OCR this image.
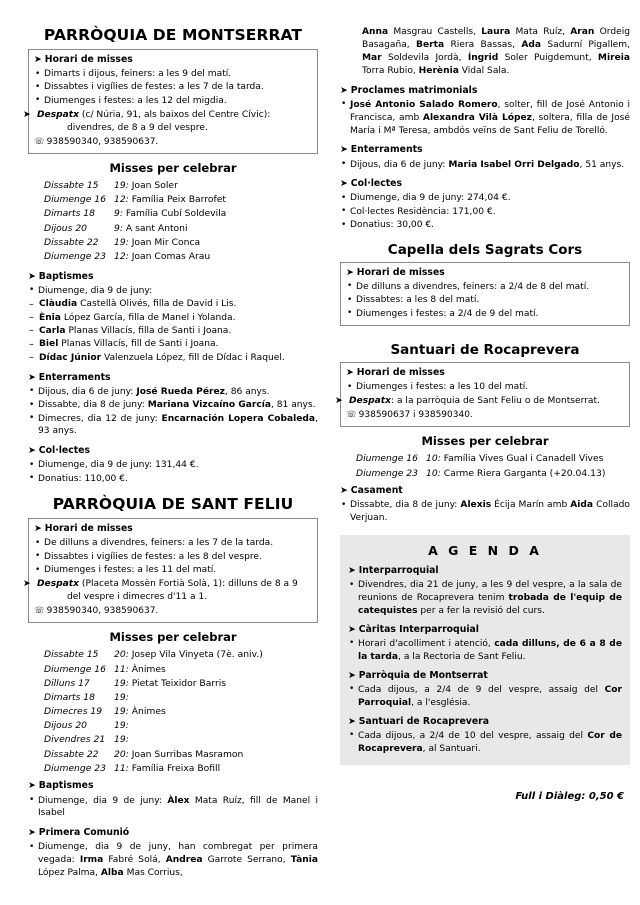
PARRÒQUIA DE MONTSERRAT
➤ Horari de misses
• Dimarts i dijous, feiners: a les 9 del matí.
• Dissabtes i vigílies de festes: a les 7 de la tarda.
• Diumenges i festes: a les 12 del migdia.
➤ Despatx (c/ Núria, 91, als baixos del Centre Cívic):
divendres, de 8 a 9 del vespre.
☏ 938590340, 938590637.
Misses per celebrar
Dissabte 15	19: Joan Soler
Diumenge 16	12: Família Peix Barrofet
Dimarts 18	9: Família Cubí Soldevila
Dijous 20	9: A sant Antoni
Dissabte 22	19: Joan Mir Conca
Diumenge 23	12: Joan Comas Arau
➤ Baptismes
• Diumenge, dia 9 de juny:
– Clàudia Castellà Olivés, filla de David i Lis.
– Ènia López García, filla de Manel i Yolanda.
– Carla Planas Villacís, filla de Santi i Joana.
– Biel Planas Villacís, fill de Santi i Joana.
– Dídac Júnior Valenzuela López, fill de Dídac i Raquel.
➤ Enterraments
• Dijous, dia 6 de juny: José Rueda Pérez, 86 anys.
• Dissabte, dia 8 de juny: Mariana Vizcaíno García, 81 anys.
• Dimecres, dia 12 de juny: Encarnación Lopera Cobaleda, 93 anys.
➤ Col·lectes
• Diumenge, dia 9 de juny: 131,44 €.
• Donatius: 110,00 €.
PARRÒQUIA DE SANT FELIU
➤ Horari de misses
• De dilluns a divendres, feiners: a les 7 de la tarda.
• Dissabtes i vigílies de festes: a les 8 del vespre.
• Diumenges i festes: a les 11 del matí.
➤ Despatx (Placeta Mossèn Fortià Solà, 1): dilluns de 8 a 9
del vespre i dimecres d'11 a 1.
☏ 938590340, 938590637.
Misses per celebrar
Dissabte 15	20: Josep Vila Vinyeta (7è. aniv.)
Diumenge 16	11: Ànimes
Dilluns 17	19: Pietat Teixidor Barris
Dimarts 18	19:
Dimecres 19	19: Ànimes
Dijous 20	19:
Divendres 21	19:
Dissabte 22	20: Joan Surribas Masramon
Diumenge 23	11: Família Freixa Bofill
➤ Baptismes
• Diumenge, dia 9 de juny: Àlex Mata Ruíz, fill de Manel i Isabel
➤ Primera Comunió
• Diumenge, dia 9 de juny, han combregat per primera vegada: Irma Fabré Solá, Andrea Garrote Serrano, Tània López Palma, Alba Mas Corrius,
Anna Masgrau Castells, Laura Mata Ruíz, Aran Ordeig Basagaña, Berta Riera Bassas, Ada Sadurní Pigallem, Mar Soldevila Jordà, Íngrid Soler Puigdemunt, Mireia Torra Rubio, Herènia Vidal Sala.
➤ Proclames matrimonials
• José Antonio Salado Romero, solter, fill de José Antonio i Francisca, amb Alexandra Vilà López, soltera, filla de José María i Mª Teresa, ambdós veïns de Sant Feliu de Torelló.
➤ Enterraments
• Dijous, dia 6 de juny: Maria Isabel Orri Delgado, 51 anys.
➤ Col·lectes
• Diumenge, dia 9 de juny: 274,04 €.
• Col·lectes Residència: 171,00 €.
• Donatius: 30,00 €.
Capella dels Sagrats Cors
➤ Horari de misses
• De dilluns a divendres, feiners: a 2/4 de 8 del matí.
• Dissabtes: a les 8 del matí.
• Diumenges i festes: a 2/4 de 9 del matí.
Santuari de Rocaprevera
➤ Horari de misses
• Diumenges i festes: a les 10 del matí.
➤ Despatx: a la parròquia de Sant Feliu o de Montserrat.
☏ 938590637 i 938590340.
Misses per celebrar
Diumenge 16	10: Família Vives Gual i Canadell Vives
Diumenge 23	10: Carme Riera Garganta (+20.04.13)
➤ Casament
• Dissabte, dia 8 de juny: Alexis Écija Marín amb Aida Collado Verjuan.
A G E N D A
➤ Interparroquial
• Divendres, dia 21 de juny, a les 9 del vespre, a la sala de reunions de Rocaprevera tenim trobada de l'equip de catequistes per a fer la revisió del curs.
➤ Càritas Interparroquial
• Horari d'acolliment i atenció, cada dilluns, de 6 a 8 de la tarda, a la Rectoria de Sant Feliu.
➤ Parròquia de Montserrat
• Cada dijous, a 2/4 de 9 del vespre, assaig del Cor Parroquial, a l'església.
➤ Santuari de Rocaprevera
• Cada dijous, a 2/4 de 10 del vespre, assaig del Cor de Rocaprevera, al Santuari.
Full i Diàleg: 0,50 €
